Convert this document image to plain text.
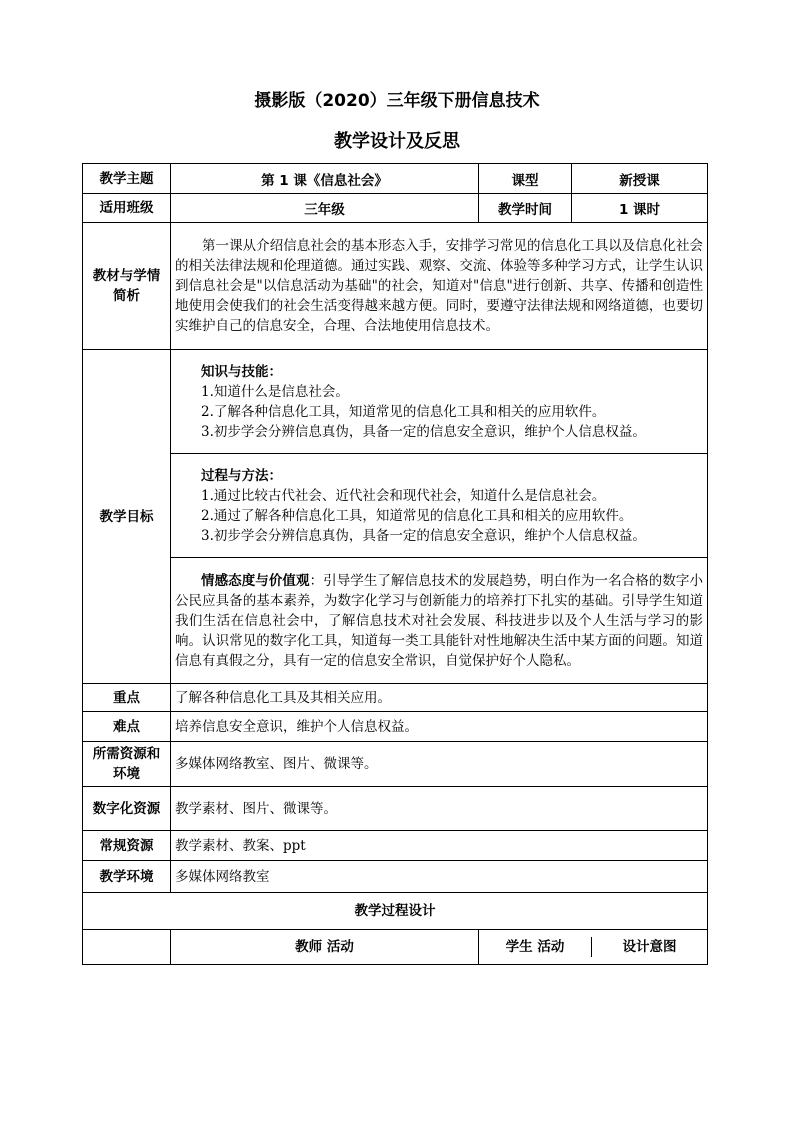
摄影版（2020）三年级下册信息技术
教学设计及反思
教学主题	第 1 课《信息社会》	课型	新授课
适用班级	三年级	教学时间	1 课时
教材与学情简析	第一课从介绍信息社会的基本形态入手，安排学习常见的信息化工具以及信息化社会的相关法律法规和伦理道德。通过实践、观察、交流、体验等多种学习方式，让学生认识到信息社会是"以信息活动为基础"的社会，知道对"信息"进行创新、共享、传播和创造性地使用会使我们的社会生活变得越来越方便。同时，要遵守法律法规和网络道德，也要切实维护自己的信息安全，合理、合法地使用信息技术。
教学目标	
知识与技能：
1.知道什么是信息社会。
2.了解各种信息化工具，知道常见的信息化工具和相关的应用软件。
3.初步学会分辨信息真伪，具备一定的信息安全意识，维护个人信息权益。

过程与方法：
1.通过比较古代社会、近代社会和现代社会，知道什么是信息社会。
2.通过了解各种信息化工具，知道常见的信息化工具和相关的应用软件。
3.初步学会分辨信息真伪，具备一定的信息安全意识，维护个人信息权益。

情感态度与价值观：引导学生了解信息技术的发展趋势，明白作为一名合格的数字小公民应具备的基本素养，为数字化学习与创新能力的培养打下扎实的基础。引导学生知道我们生活在信息社会中，了解信息技术对社会发展、科技进步以及个人生活与学习的影响。认识常见的数字化工具，知道每一类工具能针对性地解决生活中某方面的问题。知道信息有真假之分，具有一定的信息安全常识，自觉保护好个人隐私。

重点	了解各种信息化工具及其相关应用。
难点	培养信息安全意识，维护个人信息权益。
所需资源和环境	多媒体网络教室、图片、微课等。
数字化资源	教学素材、图片、微课等。
常规资源	教学素材、教案、ppt
教学环境	多媒体网络教室
教学过程设计
	教师 活动		学生 活动	设计意图
